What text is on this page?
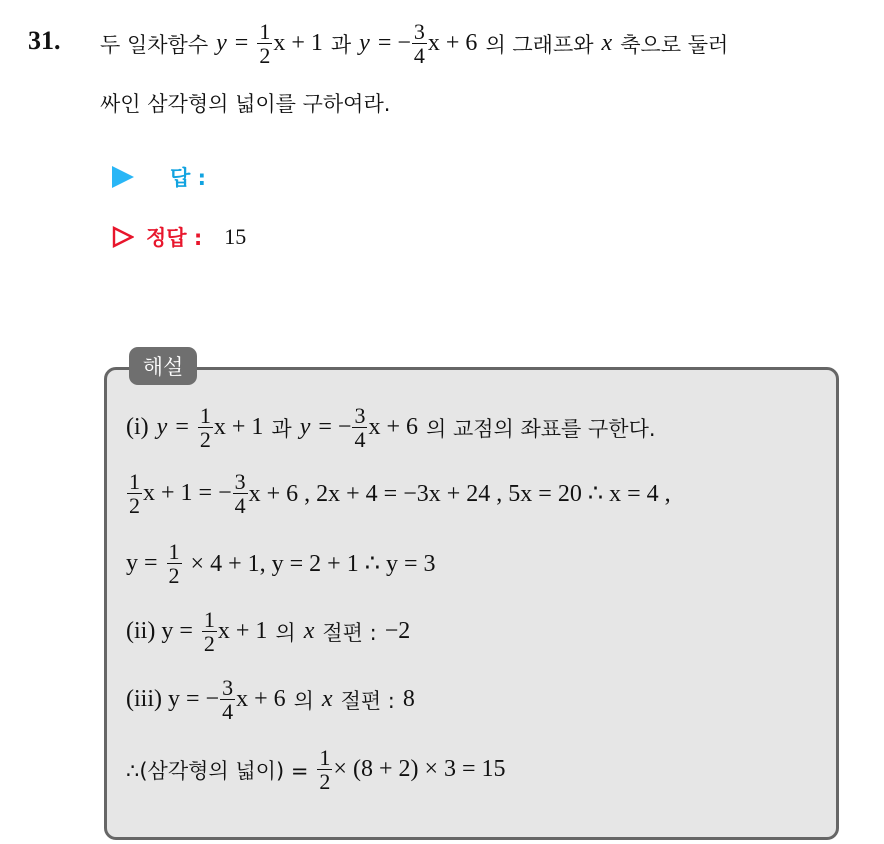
31. 두 일차함수 $y = \frac{1}{2}$ x + 1 과 y = − $\frac{3}{4}$ x + 6 의 그래프와 x 축으로 둘러
싸인 삼각형의 넓이를 구하여라.
답 :
정답 : 15
해설
(i) $y = \frac{1}{2}$ x + 1 과 y = − $\frac{3}{4}$ x + 6 의 교점의 좌표를 구한다.
$\frac{1}{2}$ x + 1 = − $\frac{3}{4}$ x + 6 , 2x + 4 = −3x + 24 , 5x = 20 ∴ x = 4 ,
$y = \frac{1}{2} \times 4 + 1$, y = 2 + 1 ∴ y = 3
(ii) $y = \frac{1}{2}$ x + 1 의 x 절편 : −2
(iii) y = − $\frac{3}{4}$ x + 6 의 x 절편 : 8
∴(삼각형의 넓이) = $\frac{1}{2} \times (8 + 2) \times 3 = 15$
